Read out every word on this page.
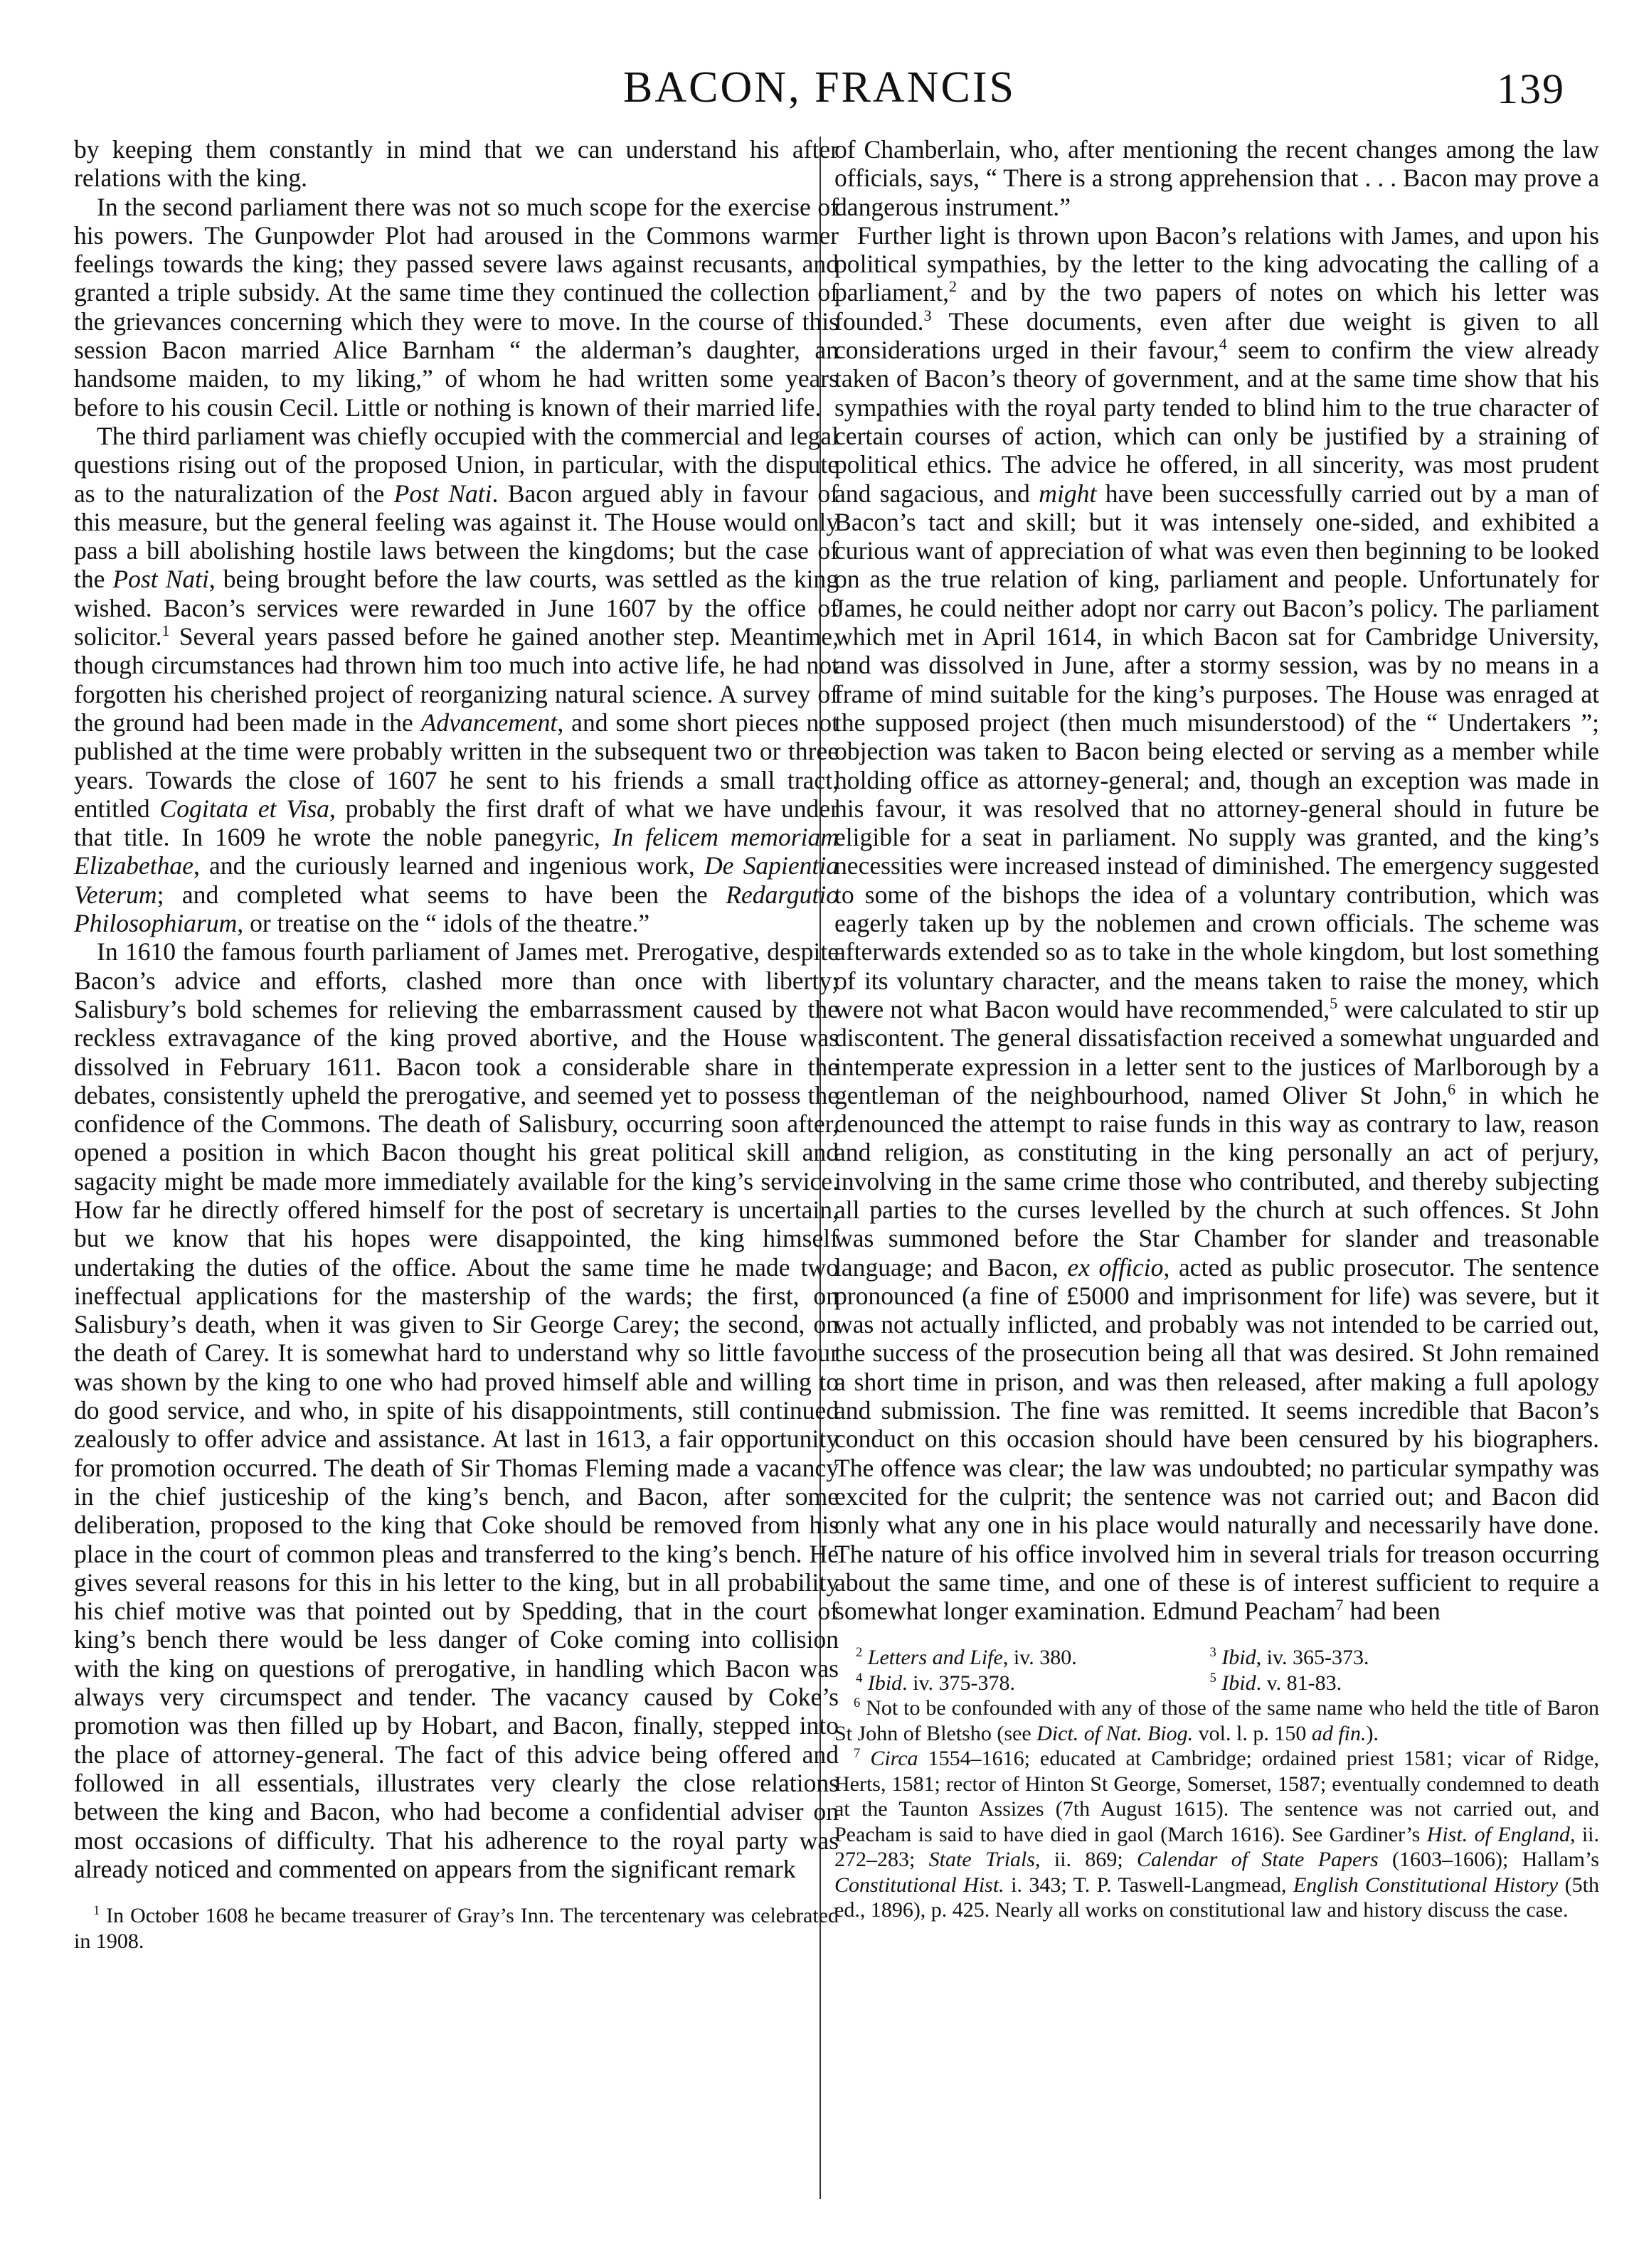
BACON, FRANCIS	139

by keeping them constantly in mind that we can understand his after relations with the king.

In the second parliament there was not so much scope for the exercise of his powers. The Gunpowder Plot had aroused in the Commons warmer feelings towards the king; they passed severe laws against recusants, and granted a triple subsidy. At the same time they continued the collection of the grievances concerning which they were to move. In the course of this session Bacon married Alice Barnham “ the alderman’s daughter, an handsome maiden, to my liking,” of whom he had written some years before to his cousin Cecil. Little or nothing is known of their married life.

The third parliament was chiefly occupied with the commercial and legal questions rising out of the proposed Union, in particular, with the dispute as to the naturalization of the Post Nati. Bacon argued ably in favour of this measure, but the general feeling was against it. The House would only pass a bill abolishing hostile laws between the kingdoms; but the case of the Post Nati, being brought before the law courts, was settled as the king wished. Bacon’s services were rewarded in June 1607 by the office of solicitor.$^1$ Several years passed before he gained another step. Meantime, though circumstances had thrown him too much into active life, he had not forgotten his cherished project of reorganizing natural science. A survey of the ground had been made in the Advancement, and some short pieces not published at the time were probably written in the subsequent two or three years. Towards the close of 1607 he sent to his friends a small tract, entitled Cogitata et Visa, probably the first draft of what we have under that title. In 1609 he wrote the noble panegyric, In felicem memoriam Elizabethae, and the curiously learned and ingenious work, De Sapientia Veterum; and completed what seems to have been the Redargutio Philosophiarum, or treatise on the “ idols of the theatre.”

In 1610 the famous fourth parliament of James met. Prerogative, despite Bacon’s advice and efforts, clashed more than once with liberty; Salisbury’s bold schemes for relieving the embarrassment caused by the reckless extravagance of the king proved abortive, and the House was dissolved in February 1611. Bacon took a considerable share in the debates, consistently upheld the prerogative, and seemed yet to possess the confidence of the Commons. The death of Salisbury, occurring soon after, opened a position in which Bacon thought his great political skill and sagacity might be made more immediately available for the king’s service. How far he directly offered himself for the post of secretary is uncertain, but we know that his hopes were disappointed, the king himself undertaking the duties of the office. About the same time he made two ineffectual applications for the mastership of the wards; the first, on Salisbury’s death, when it was given to Sir George Carey; the second, on the death of Carey. It is somewhat hard to understand why so little favour was shown by the king to one who had proved himself able and willing to do good service, and who, in spite of his disappointments, still continued zealously to offer advice and assistance. At last in 1613, a fair opportunity for promotion occurred. The death of Sir Thomas Fleming made a vacancy in the chief justiceship of the king’s bench, and Bacon, after some deliberation, proposed to the king that Coke should be removed from his place in the court of common pleas and transferred to the king’s bench. He gives several reasons for this in his letter to the king, but in all probability his chief motive was that pointed out by Spedding, that in the court of king’s bench there would be less danger of Coke coming into collision with the king on questions of prerogative, in handling which Bacon was always very circumspect and tender. The vacancy caused by Coke’s promotion was then filled up by Hobart, and Bacon, finally, stepped into the place of attorney-general. The fact of this advice being offered and followed in all essentials, illustrates very clearly the close relations between the king and Bacon, who had become a confidential adviser on most occasions of difficulty. That his adherence to the royal party was already noticed and commented on appears from the significant remark

$^1$ In October 1608 he became treasurer of Gray’s Inn. The tercentenary was celebrated in 1908.

of Chamberlain, who, after mentioning the recent changes among the law officials, says, “ There is a strong apprehension that . . . Bacon may prove a dangerous instrument.”

Further light is thrown upon Bacon’s relations with James, and upon his political sympathies, by the letter to the king advocating the calling of a parliament,$^2$ and by the two papers of notes on which his letter was founded.$^3$ These documents, even after due weight is given to all considerations urged in their favour,$^4$ seem to confirm the view already taken of Bacon’s theory of government, and at the same time show that his sympathies with the royal party tended to blind him to the true character of certain courses of action, which can only be justified by a straining of political ethics. The advice he offered, in all sincerity, was most prudent and sagacious, and might have been successfully carried out by a man of Bacon’s tact and skill; but it was intensely one-sided, and exhibited a curious want of appreciation of what was even then beginning to be looked on as the true relation of king, parliament and people. Unfortunately for James, he could neither adopt nor carry out Bacon’s policy. The parliament which met in April 1614, in which Bacon sat for Cambridge University, and was dissolved in June, after a stormy session, was by no means in a frame of mind suitable for the king’s purposes. The House was enraged at the supposed project (then much misunderstood) of the “ Undertakers ”; objection was taken to Bacon being elected or serving as a member while holding office as attorney-general; and, though an exception was made in his favour, it was resolved that no attorney-general should in future be eligible for a seat in parliament. No supply was granted, and the king’s necessities were increased instead of diminished. The emergency suggested to some of the bishops the idea of a voluntary contribution, which was eagerly taken up by the noblemen and crown officials. The scheme was afterwards extended so as to take in the whole kingdom, but lost something of its voluntary character, and the means taken to raise the money, which were not what Bacon would have recommended,$^5$ were calculated to stir up discontent. The general dissatisfaction received a somewhat unguarded and intemperate expression in a letter sent to the justices of Marlborough by a gentleman of the neighbourhood, named Oliver St John,$^6$ in which he denounced the attempt to raise funds in this way as contrary to law, reason and religion, as constituting in the king personally an act of perjury, involving in the same crime those who contributed, and thereby subjecting all parties to the curses levelled by the church at such offences. St John was summoned before the Star Chamber for slander and treasonable language; and Bacon, ex officio, acted as public prosecutor. The sentence pronounced (a fine of £5000 and imprisonment for life) was severe, but it was not actually inflicted, and probably was not intended to be carried out, the success of the prosecution being all that was desired. St John remained a short time in prison, and was then released, after making a full apology and submission. The fine was remitted. It seems incredible that Bacon’s conduct on this occasion should have been censured by his biographers. The offence was clear; the law was undoubted; no particular sympathy was excited for the culprit; the sentence was not carried out; and Bacon did only what any one in his place would naturally and necessarily have done. The nature of his office involved him in several trials for treason occurring about the same time, and one of these is of interest sufficient to require a somewhat longer examination. Edmund Peacham$^7$ had been

$^2$ Letters and Life, iv. 380.	$^3$ Ibid, iv. 365-373.
$^4$ Ibid. iv. 375-378.	$^5$ Ibid. v. 81-83.

$^6$ Not to be confounded with any of those of the same name who held the title of Baron St John of Bletsho (see Dict. of Nat. Biog. vol. l. p. 150 ad fin.).

$^7$ Circa 1554–1616; educated at Cambridge; ordained priest 1581; vicar of Ridge, Herts, 1581; rector of Hinton St George, Somerset, 1587; eventually condemned to death at the Taunton Assizes (7th August 1615). The sentence was not carried out, and Peacham is said to have died in gaol (March 1616). See Gardiner’s Hist. of England, ii. 272–283; State Trials, ii. 869; Calendar of State Papers (1603–1606); Hallam’s Constitutional Hist. i. 343; T. P. Taswell-Langmead, English Constitutional History (5th ed., 1896), p. 425. Nearly all works on constitutional law and history discuss the case.
